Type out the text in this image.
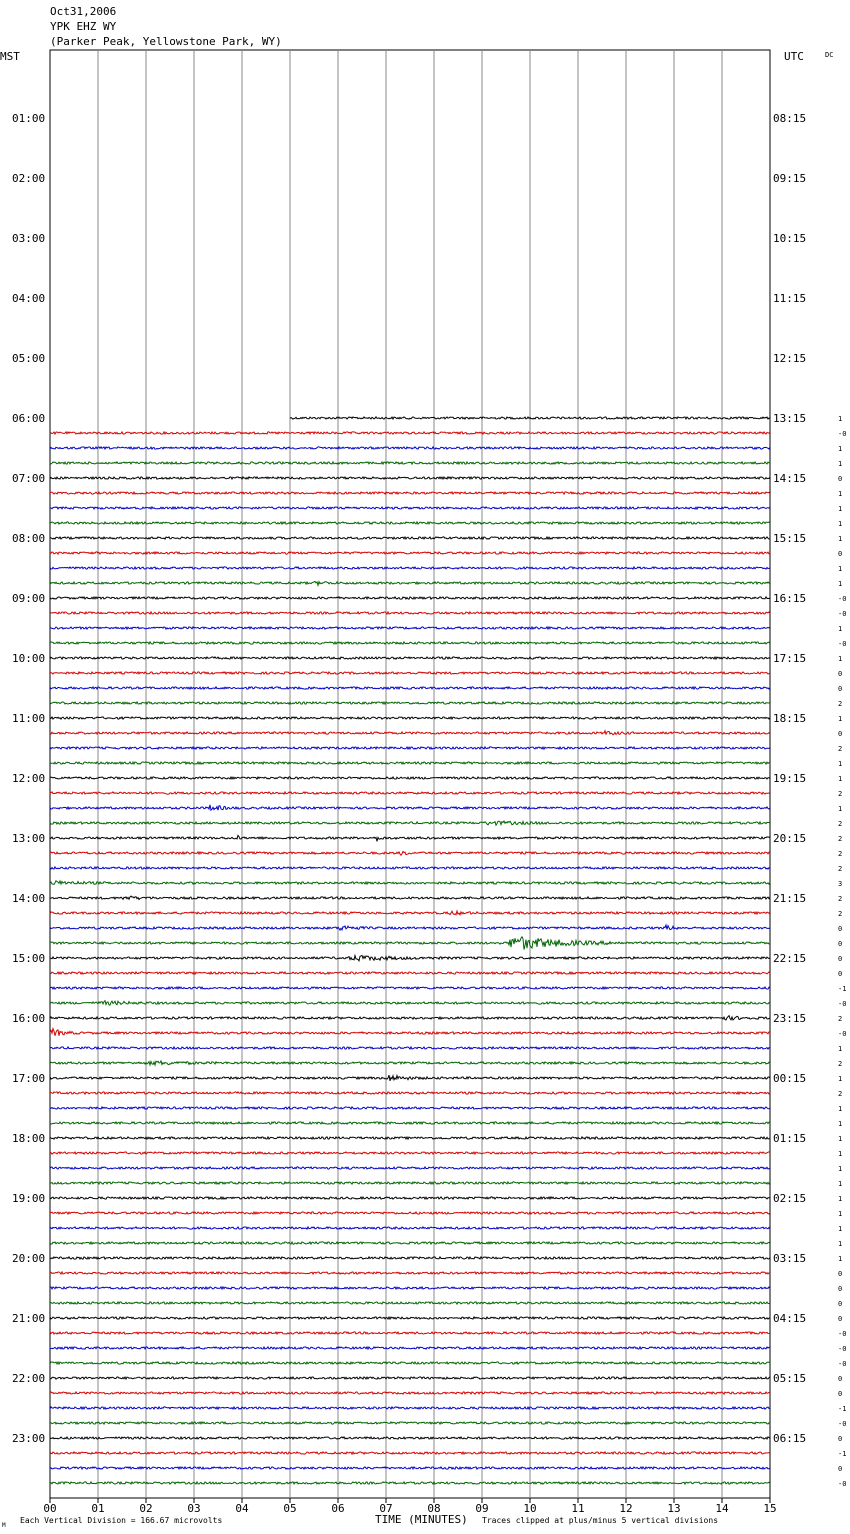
Oct31,2006
YPK EHZ WY
(Parker Peak, Yellowstone Park, WY)
MST	UTC	DC
TIME (MINUTES)
Each Vertical Division = 166.67 microvolts	Traces clipped at plus/minus 5 vertical divisions
M
00	01	02	03	04	05	06	07	08	09	10	11	12	13	14	15
01:00	08:15
02:00	09:15
03:00	10:15
04:00	11:15
05:00	12:15
06:00	13:15
07:00	14:15
08:00	15:15
09:00	16:15
10:00	17:15
11:00	18:15
12:00	19:15
13:00	20:15
14:00	21:15
15:00	22:15
16:00	23:15
17:00	00:15
18:00	01:15
19:00	02:15
20:00	03:15
21:00	04:15
22:00	05:15
23:00	06:15
1
-0
1
1
0
1
1
1
1
0
1
1
-0
-0
1
-0
1
0
0
2
1
0
2
1
1
2
1
2
2
2
2
3
2
2
0
0
0
0
-1
-0
2
-0
1
2
1
2
1
1
1
1
1
1
1
1
1
1
1
0
0
0
0
-0
-0
-0
0
0
-1
-0
0
-1
0
-0
